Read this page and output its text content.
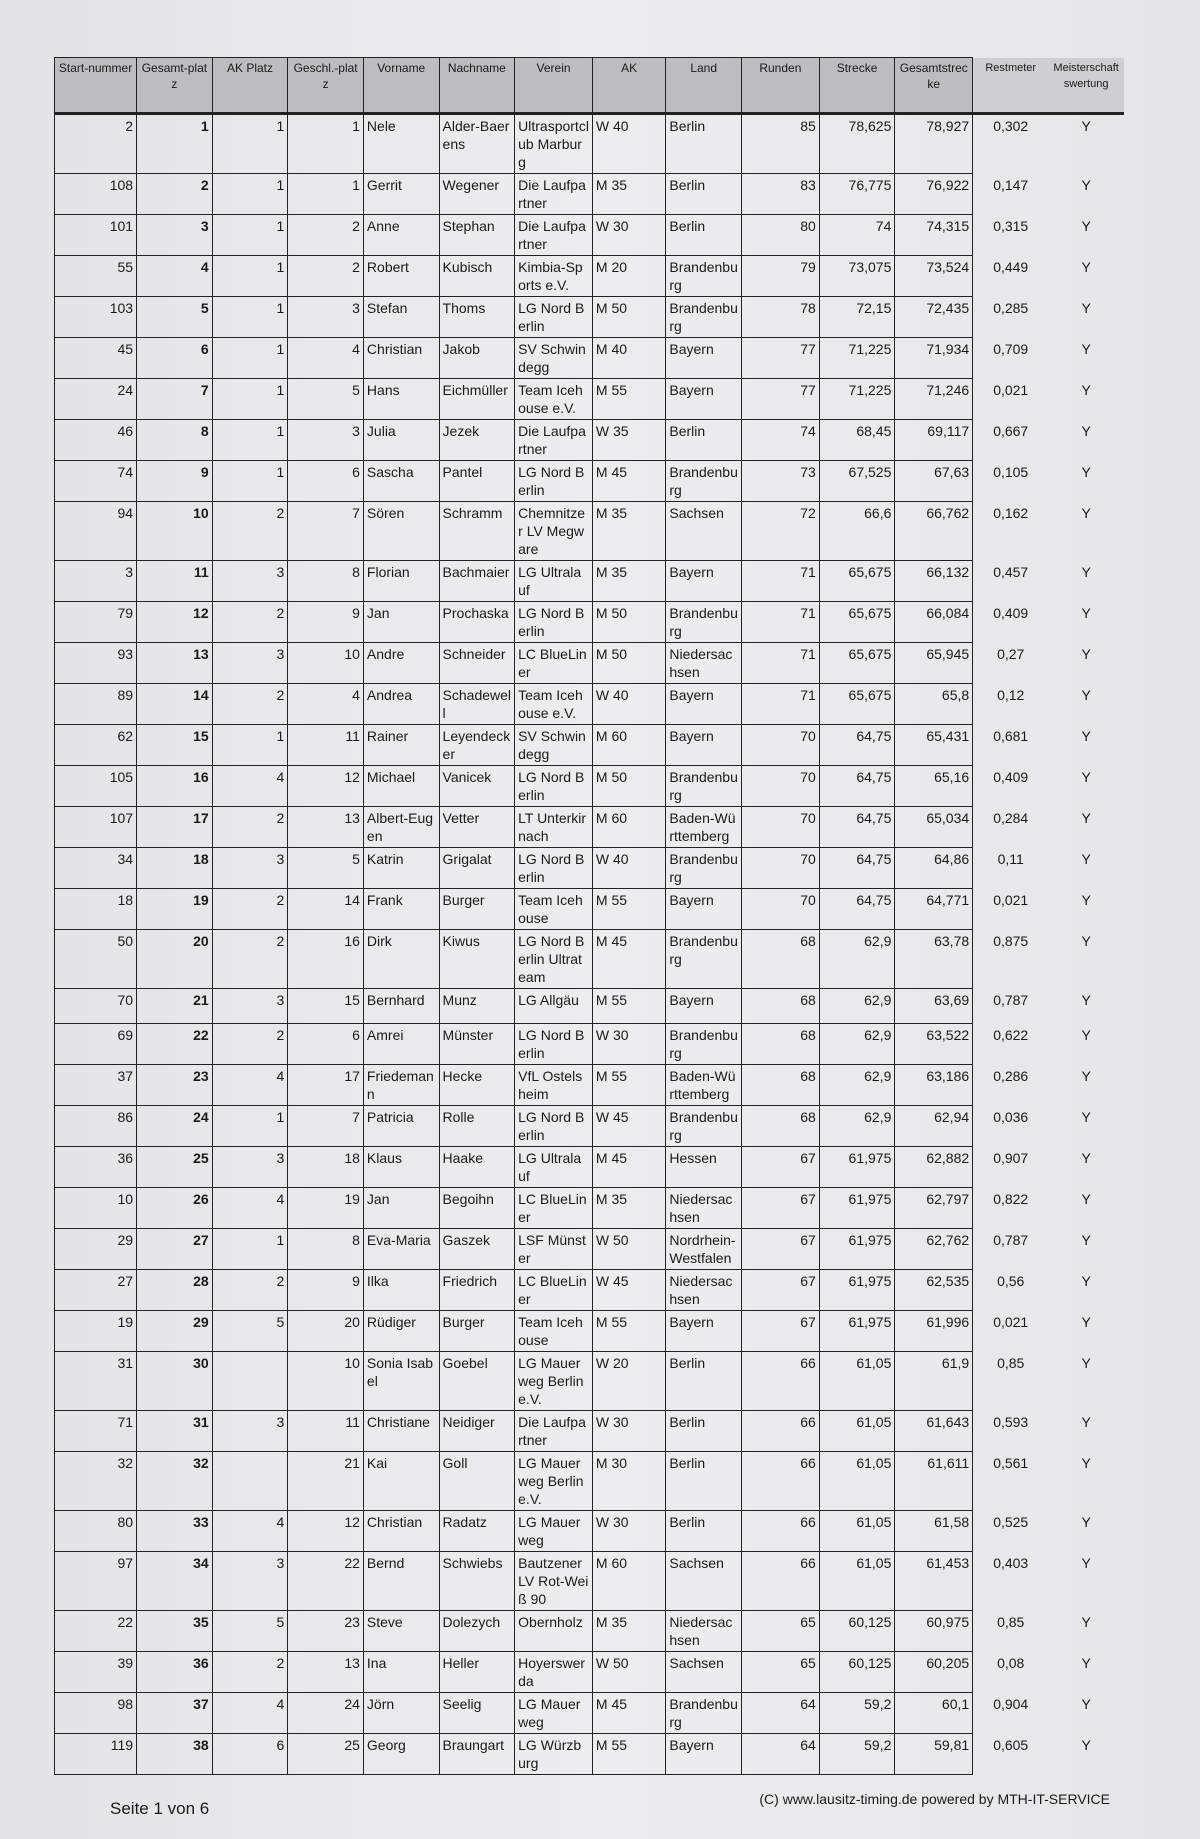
Start-nummer	Gesamt-platz	AK Platz	Geschl.-platz	Vorname	Nachname	Verein	AK	Land	Runden	Strecke	Gesamtstrecke	Restmeter	Meisterschaftswertung
2	1	1	1	Nele	Alder-Baerens	Ultrasportclub Marburg	W 40	Berlin	85	78,625	78,927	0,302	Y
108	2	1	1	Gerrit	Wegener	Die Laufpartner	M 35	Berlin	83	76,775	76,922	0,147	Y
101	3	1	2	Anne	Stephan	Die Laufpartner	W 30	Berlin	80	74	74,315	0,315	Y
55	4	1	2	Robert	Kubisch	Kimbia-Sports e.V.	M 20	Brandenburg	79	73,075	73,524	0,449	Y
103	5	1	3	Stefan	Thoms	LG Nord Berlin	M 50	Brandenburg	78	72,15	72,435	0,285	Y
45	6	1	4	Christian	Jakob	SV Schwindegg	M 40	Bayern	77	71,225	71,934	0,709	Y
24	7	1	5	Hans	Eichmüller	Team Icehouse e.V.	M 55	Bayern	77	71,225	71,246	0,021	Y
46	8	1	3	Julia	Jezek	Die Laufpartner	W 35	Berlin	74	68,45	69,117	0,667	Y
74	9	1	6	Sascha	Pantel	LG Nord Berlin	M 45	Brandenburg	73	67,525	67,63	0,105	Y
94	10	2	7	Sören	Schramm	Chemnitzer LV Megware	M 35	Sachsen	72	66,6	66,762	0,162	Y
3	11	3	8	Florian	Bachmaier	LG Ultralauf	M 35	Bayern	71	65,675	66,132	0,457	Y
79	12	2	9	Jan	Prochaska	LG Nord Berlin	M 50	Brandenburg	71	65,675	66,084	0,409	Y
93	13	3	10	Andre	Schneider	LC BlueLiner	M 50	Niedersachsen	71	65,675	65,945	0,27	Y
89	14	2	4	Andrea	Schadewell	Team Icehouse e.V.	W 40	Bayern	71	65,675	65,8	0,12	Y
62	15	1	11	Rainer	Leyendecker	SV Schwindegg	M 60	Bayern	70	64,75	65,431	0,681	Y
105	16	4	12	Michael	Vanicek	LG Nord Berlin	M 50	Brandenburg	70	64,75	65,16	0,409	Y
107	17	2	13	Albert-Eugen	Vetter	LT Unterkirnach	M 60	Baden-Württemberg	70	64,75	65,034	0,284	Y
34	18	3	5	Katrin	Grigalat	LG Nord Berlin	W 40	Brandenburg	70	64,75	64,86	0,11	Y
18	19	2	14	Frank	Burger	Team Icehouse	M 55	Bayern	70	64,75	64,771	0,021	Y
50	20	2	16	Dirk	Kiwus	LG Nord Berlin Ultrateam	M 45	Brandenburg	68	62,9	63,78	0,875	Y
70	21	3	15	Bernhard	Munz	LG Allgäu	M 55	Bayern	68	62,9	63,69	0,787	Y
69	22	2	6	Amrei	Münster	LG Nord Berlin	W 30	Brandenburg	68	62,9	63,522	0,622	Y
37	23	4	17	Friedemann	Hecke	VfL Ostelsheim	M 55	Baden-Württemberg	68	62,9	63,186	0,286	Y
86	24	1	7	Patricia	Rolle	LG Nord Berlin	W 45	Brandenburg	68	62,9	62,94	0,036	Y
36	25	3	18	Klaus	Haake	LG Ultralauf	M 45	Hessen	67	61,975	62,882	0,907	Y
10	26	4	19	Jan	Begoihn	LC BlueLiner	M 35	Niedersachsen	67	61,975	62,797	0,822	Y
29	27	1	8	Eva-Maria	Gaszek	LSF Münster	W 50	Nordrhein-Westfalen	67	61,975	62,762	0,787	Y
27	28	2	9	Ilka	Friedrich	LC BlueLiner	W 45	Niedersachsen	67	61,975	62,535	0,56	Y
19	29	5	20	Rüdiger	Burger	Team Icehouse	M 55	Bayern	67	61,975	61,996	0,021	Y
31	30		10	Sonia Isabel	Goebel	LG Mauerweg Berlin e.V.	W 20	Berlin	66	61,05	61,9	0,85	Y
71	31	3	11	Christiane	Neidiger	Die Laufpartner	W 30	Berlin	66	61,05	61,643	0,593	Y
32	32		21	Kai	Goll	LG Mauerweg Berlin e.V.	M 30	Berlin	66	61,05	61,611	0,561	Y
80	33	4	12	Christian	Radatz	LG Mauerweg	W 30	Berlin	66	61,05	61,58	0,525	Y
97	34	3	22	Bernd	Schwiebs	Bautzener LV Rot-Weiß 90	M 60	Sachsen	66	61,05	61,453	0,403	Y
22	35	5	23	Steve	Dolezych	Obernholz	M 35	Niedersachsen	65	60,125	60,975	0,85	Y
39	36	2	13	Ina	Heller	Hoyerswerda	W 50	Sachsen	65	60,125	60,205	0,08	Y
98	37	4	24	Jörn	Seelig	LG Mauerweg	M 45	Brandenburg	64	59,2	60,1	0,904	Y
119	38	6	25	Georg	Braungart	LG Würzburg	M 55	Bayern	64	59,2	59,81	0,605	Y
Seite 1 von 6	(C) www.lausitz-timing.de powered by MTH-IT-SERVICE
